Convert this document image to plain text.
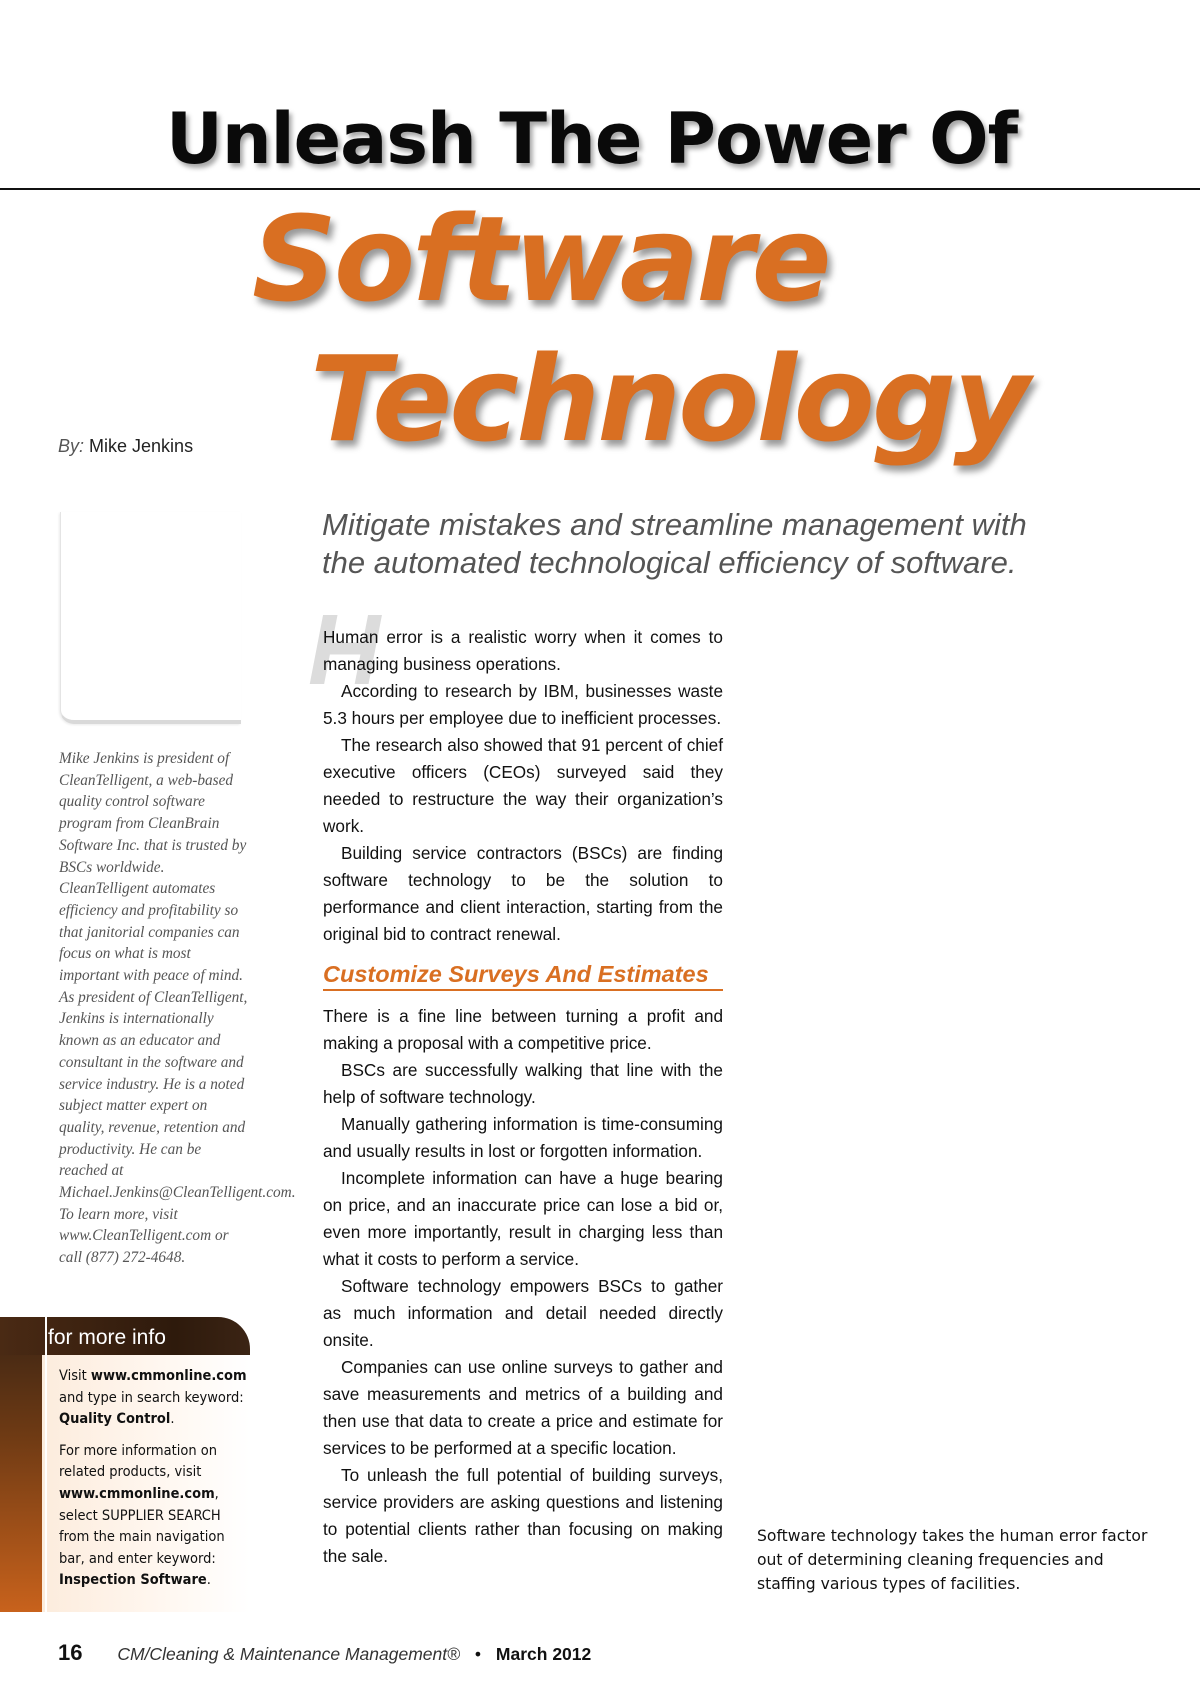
Unleash The Power Of
Software
Technology
By: Mike Jenkins

Mike Jenkins is president of CleanTelligent, a web-based quality control software program from CleanBrain Software Inc. that is trusted by BSCs worldwide. CleanTelligent automates efficiency and profitability so that janitorial companies can focus on what is most important with peace of mind. As president of CleanTelligent, Jenkins is internationally known as an educator and consultant in the software and service industry. He is a noted subject matter expert on quality, revenue, retention and productivity. He can be reached at Michael.Jenkins@CleanTelligent.com. To learn more, visit www.CleanTelligent.com or call (877) 272-4648.

for more info

Visit www.cmmonline.com and type in search keyword: Quality Control.

For more information on related products, visit www.cmmonline.com, select SUPPLIER SEARCH from the main navigation bar, and enter keyword: Inspection Software.

Mitigate mistakes and streamline management with the automated technological efficiency of software.

H

Human error is a realistic worry when it comes to managing business operations.

According to research by IBM, businesses waste 5.3 hours per employee due to inefficient processes.

The research also showed that 91 percent of chief executive officers (CEOs) surveyed said they needed to restructure the way their organization’s work.

Building service contractors (BSCs) are finding software technology to be the solution to performance and client interaction, starting from the original bid to contract renewal.

Customize Surveys And Estimates

There is a fine line between turning a profit and making a proposal with a competitive price.

BSCs are successfully walking that line with the help of software technology.

Manually gathering information is time-consuming and usually results in lost or forgotten information.

Incomplete information can have a huge bearing on price, and an inaccurate price can lose a bid or, even more importantly, result in charging less than what it costs to perform a service.

Software technology empowers BSCs to gather as much information and detail needed directly onsite.

Companies can use online surveys to gather and save measurements and metrics of a building and then use that data to create a price and estimate for services to be performed at a specific location.

To unleash the full potential of building surveys, service providers are asking questions and listening to potential clients rather than focusing on making the sale.

Software technology takes the human error factor out of determining cleaning frequencies and staffing various types of facilities.
16 CM/Cleaning & Maintenance Management® • March 2012
